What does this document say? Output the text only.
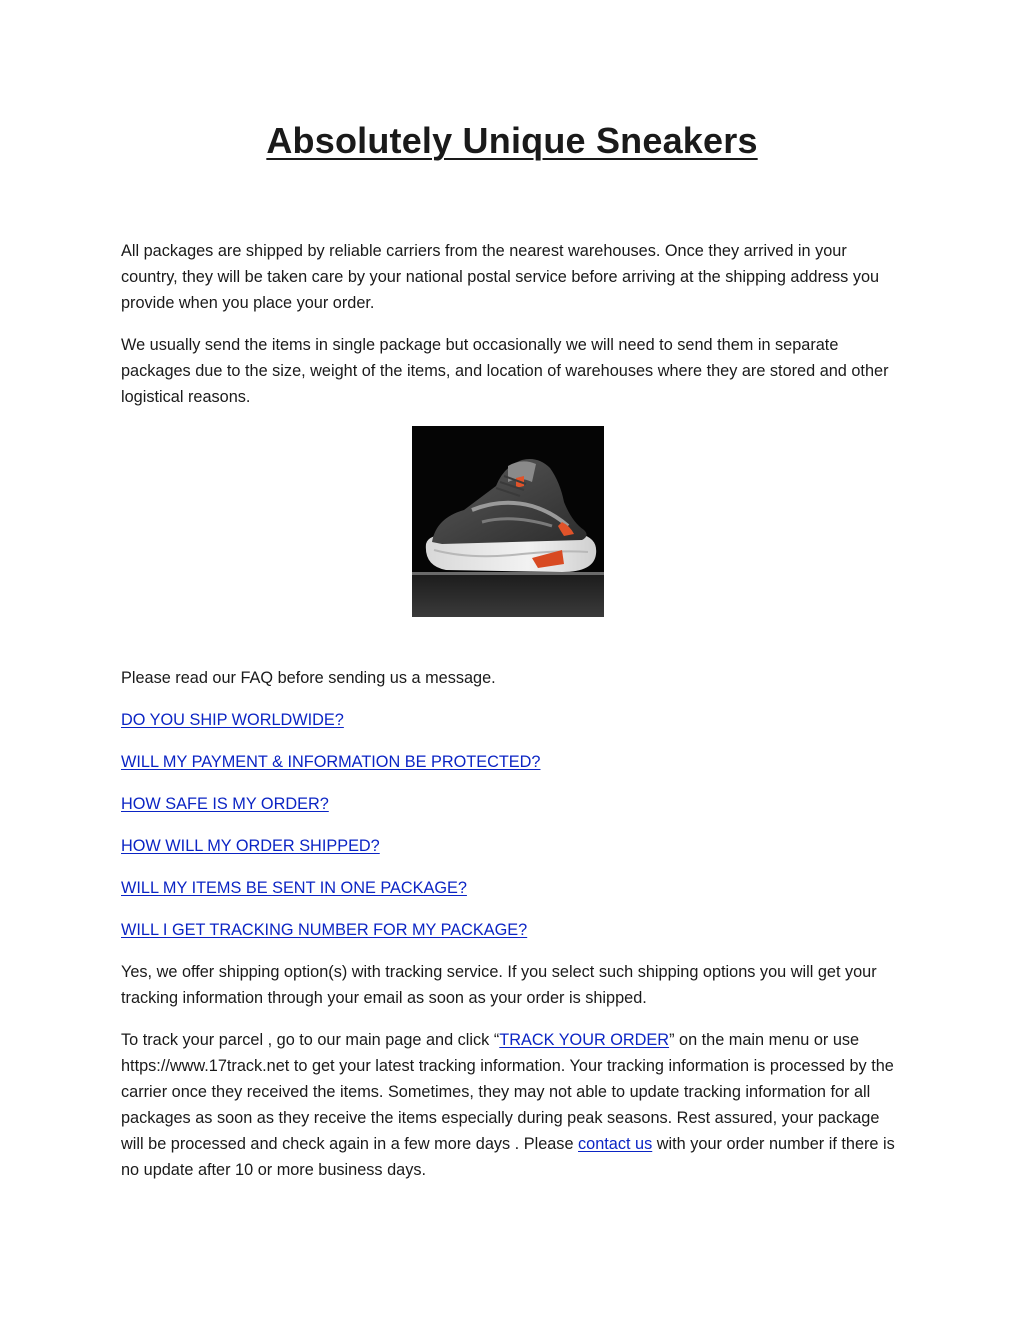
Absolutely Unique Sneakers

All packages are shipped by reliable carriers from the nearest warehouses. Once they arrived in your country, they will be taken care by your national postal service before arriving at the shipping address you provide when you place your order.

We usually send the items in single package but occasionally we will need to send them in separate packages due to the size, weight of the items, and location of warehouses where they are stored and other logistical reasons.

Please read our FAQ before sending us a message.

DO YOU SHIP WORLDWIDE?

WILL MY PAYMENT & INFORMATION BE PROTECTED?

HOW SAFE IS MY ORDER?

HOW WILL MY ORDER SHIPPED?

WILL MY ITEMS BE SENT IN ONE PACKAGE?

WILL I GET TRACKING NUMBER FOR MY PACKAGE?

Yes, we offer shipping option(s) with tracking service. If you select such shipping options you will get your tracking information through your email as soon as your order is shipped.

To track your parcel , go to our main page and click “TRACK YOUR ORDER” on the main menu or use https://www.17track.net to get your latest tracking information. Your tracking information is processed by the carrier once they received the items. Sometimes, they may not able to update tracking information for all packages as soon as they receive the items especially during peak seasons. Rest assured, your package will be processed and check again in a few more days . Please contact us with your order number if there is no update after 10 or more business days.
